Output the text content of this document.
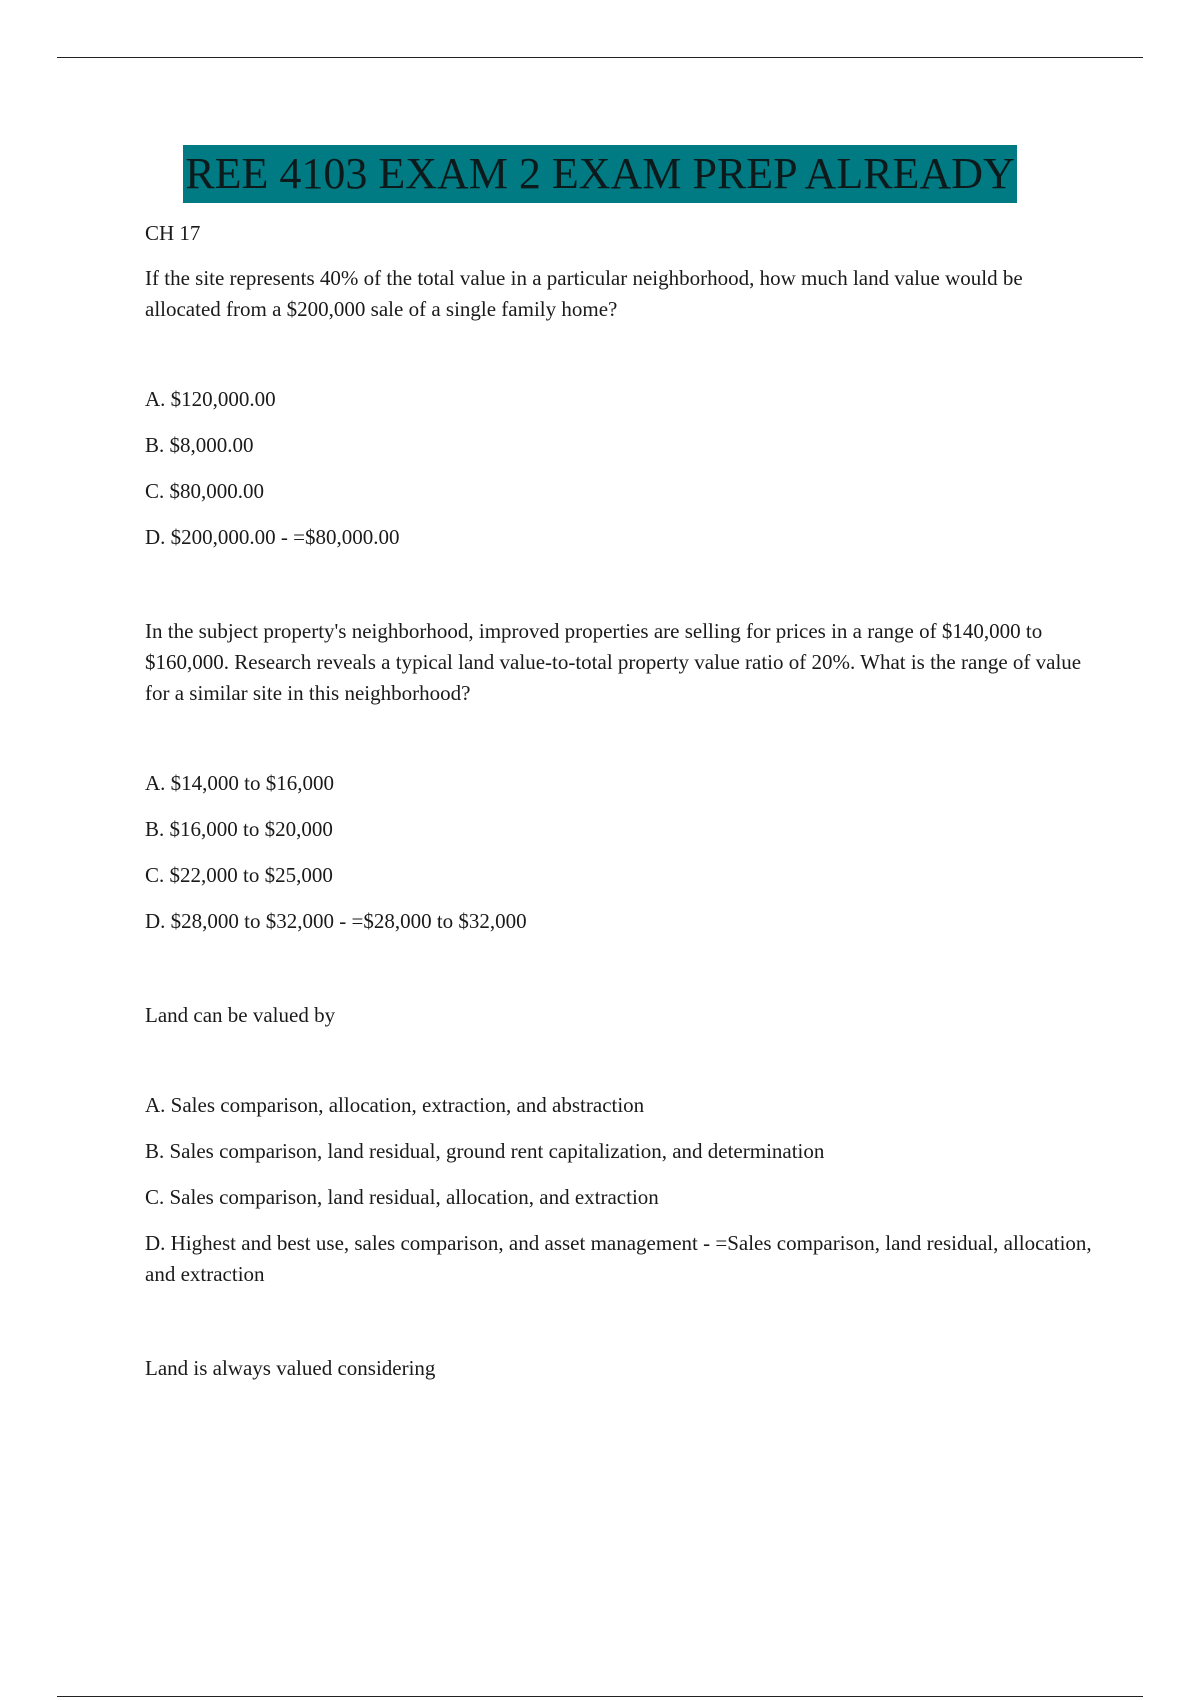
REE 4103 EXAM 2 EXAM PREP ALREADY

CH 17

If the site represents 40% of the total value in a particular neighborhood, how much land value would be allocated from a $200,000 sale of a single family home?

A. $120,000.00

B. $8,000.00

C. $80,000.00

D. $200,000.00 - =$80,000.00

In the subject property's neighborhood, improved properties are selling for prices in a range of $140,000 to $160,000. Research reveals a typical land value-to-total property value ratio of 20%. What is the range of value for a similar site in this neighborhood?

A. $14,000 to $16,000

B. $16,000 to $20,000

C. $22,000 to $25,000

D. $28,000 to $32,000 - =$28,000 to $32,000

Land can be valued by

A. Sales comparison, allocation, extraction, and abstraction

B. Sales comparison, land residual, ground rent capitalization, and determination

C. Sales comparison, land residual, allocation, and extraction

D. Highest and best use, sales comparison, and asset management - =Sales comparison, land residual, allocation, and extraction

Land is always valued considering
